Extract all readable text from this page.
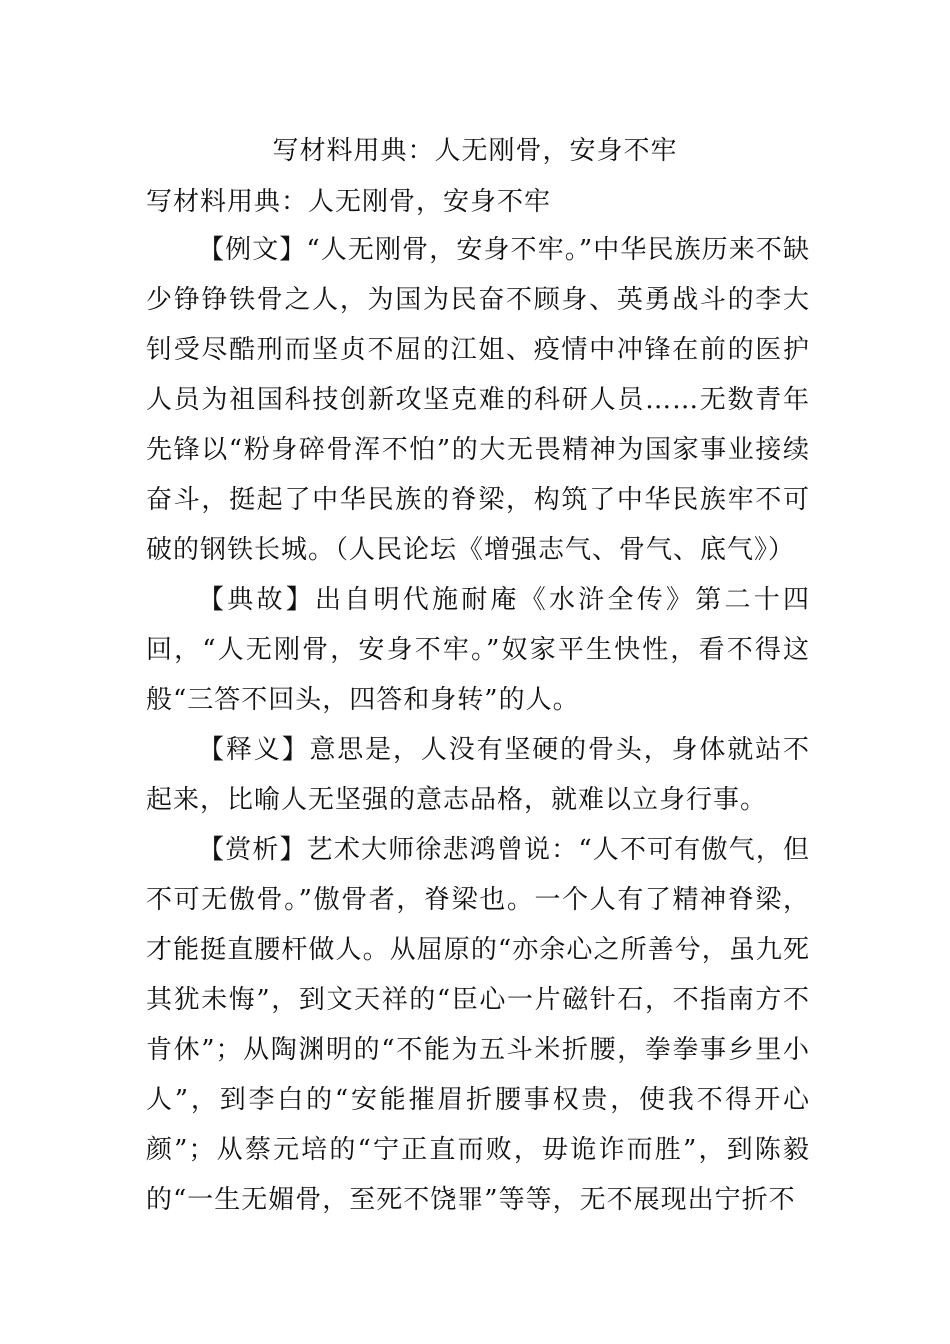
写材料用典：人无刚骨，安身不牢

写材料用典：人无刚骨，安身不牢

【例文】“人无刚骨，安身不牢。”中华民族历来不缺少铮铮铁骨之人，为国为民奋不顾身、英勇战斗的李大钊受尽酷刑而坚贞不屈的江姐、疫情中冲锋在前的医护人员为祖国科技创新攻坚克难的科研人员……无数青年先锋以“粉身碎骨浑不怕”的大无畏精神为国家事业接续奋斗，挺起了中华民族的脊梁，构筑了中华民族牢不可破的钢铁长城。（人民论坛《增强志气、骨气、底气》）

【典故】出自明代施耐庵《水浒全传》第二十四回，“人无刚骨，安身不牢。”奴家平生快性，看不得这般“三答不回头，四答和身转”的人。

【释义】意思是，人没有坚硬的骨头，身体就站不起来，比喻人无坚强的意志品格，就难以立身行事。

【赏析】艺术大师徐悲鸿曾说：“人不可有傲气，但不可无傲骨。”傲骨者，脊梁也。一个人有了精神脊梁，才能挺直腰杆做人。从屈原的“亦余心之所善兮，虽九死其犹未悔”，到文天祥的“臣心一片磁针石，不指南方不肯休”；从陶渊明的“不能为五斗米折腰，拳拳事乡里小人”，到李白的“安能摧眉折腰事权贵，使我不得开心颜”；从蔡元培的“宁正直而败，毋诡诈而胜”，到陈毅的“一生无媚骨，至死不饶罪”等等，无不展现出宁折不
